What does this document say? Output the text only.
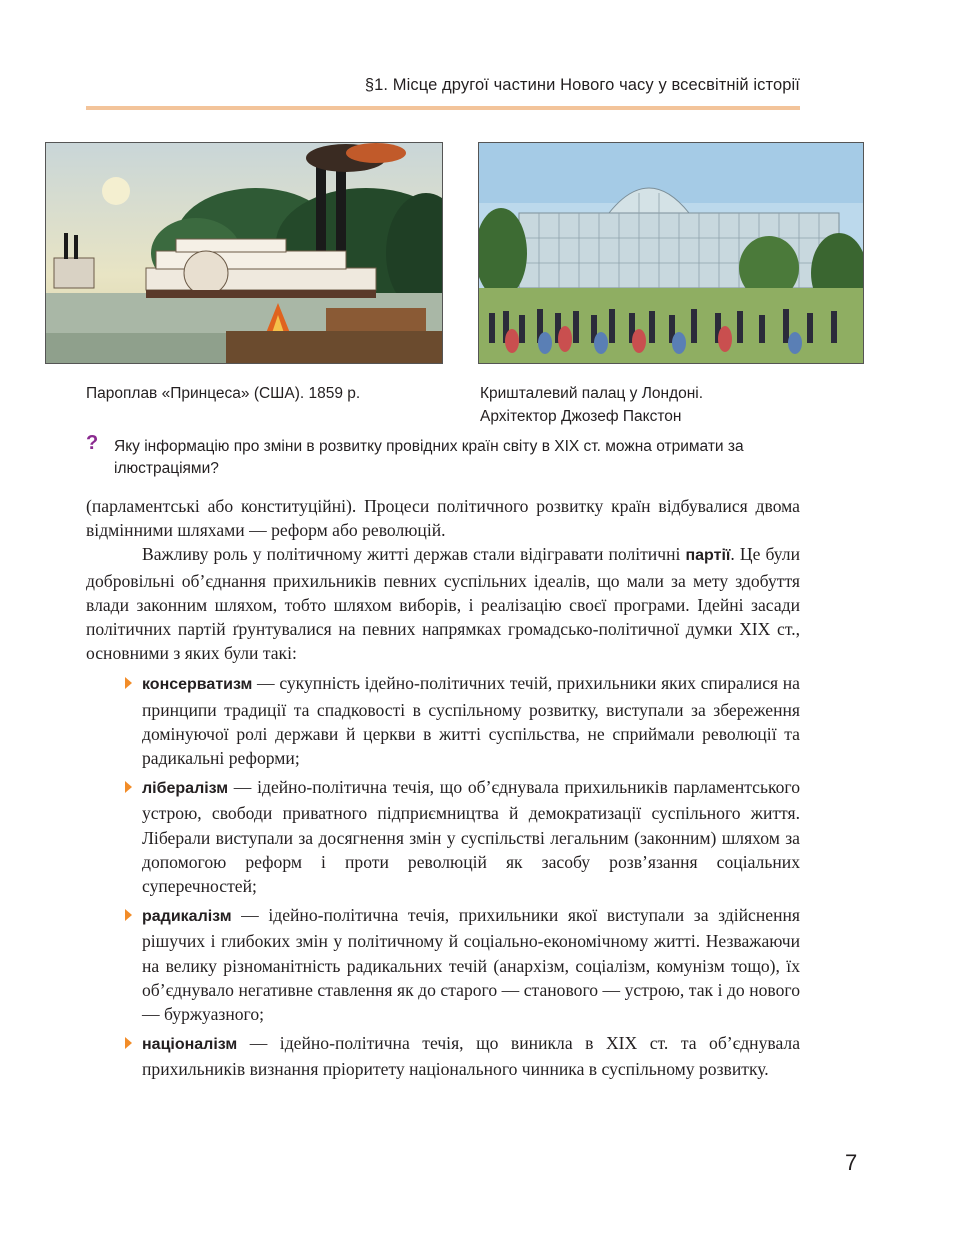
§1. Місце другої частини Нового часу у всесвітній історії
Пароплав «Принцеса» (США). 1859 р.	Кришталевий палац у Лондоні.
Архітектор Джозеф Пакстон
? Яку інформацію про зміни в розвитку провідних країн світу в XIX ст. можна отримати за ілюстраціями?

(парламентські або конституційні). Процеси політичного розвитку країн відбувалися двома відмінними шляхами — реформ або революцій.

Важливу роль у політичному житті держав стали відігравати політичні партії. Це були добровільні об’єднання прихильників певних суспільних ідеалів, що мали за мету здобуття влади законним шляхом, тобто шляхом виборів, і реалізацію своєї програми. Ідейні засади політичних партій ґрунтувалися на певних напрямках громадсько-політичної думки XIX ст., основними з яких були такі:

консерватизм — сукупність ідейно-політичних течій, прихильники яких спиралися на принципи традиції та спадковості в суспільному розвитку, виступали за збереження домінуючої ролі держави й церкви в житті суспільства, не сприймали революції та радикальні реформи;
лібералізм — ідейно-політична течія, що об’єднувала прихильників парламентського устрою, свободи приватного підприємництва й демократизації суспільного життя. Ліберали виступали за досягнення змін у суспільстві легальним (законним) шляхом за допомогою реформ і проти революцій як засобу розв’язання соціальних суперечностей;
радикалізм — ідейно-політична течія, прихильники якої виступали за здійснення рішучих і глибоких змін у політичному й соціально-економічному житті. Незважаючи на велику різноманітність радикальних течій (анархізм, соціалізм, комунізм тощо), їх об’єднувало негативне ставлення як до старого — станового — устрою, так і до нового — буржуазного;
націоналізм — ідейно-політична течія, що виникла в XIX ст. та об’єднувала прихильників визнання пріоритету національного чинника в суспільному розвитку.
7
